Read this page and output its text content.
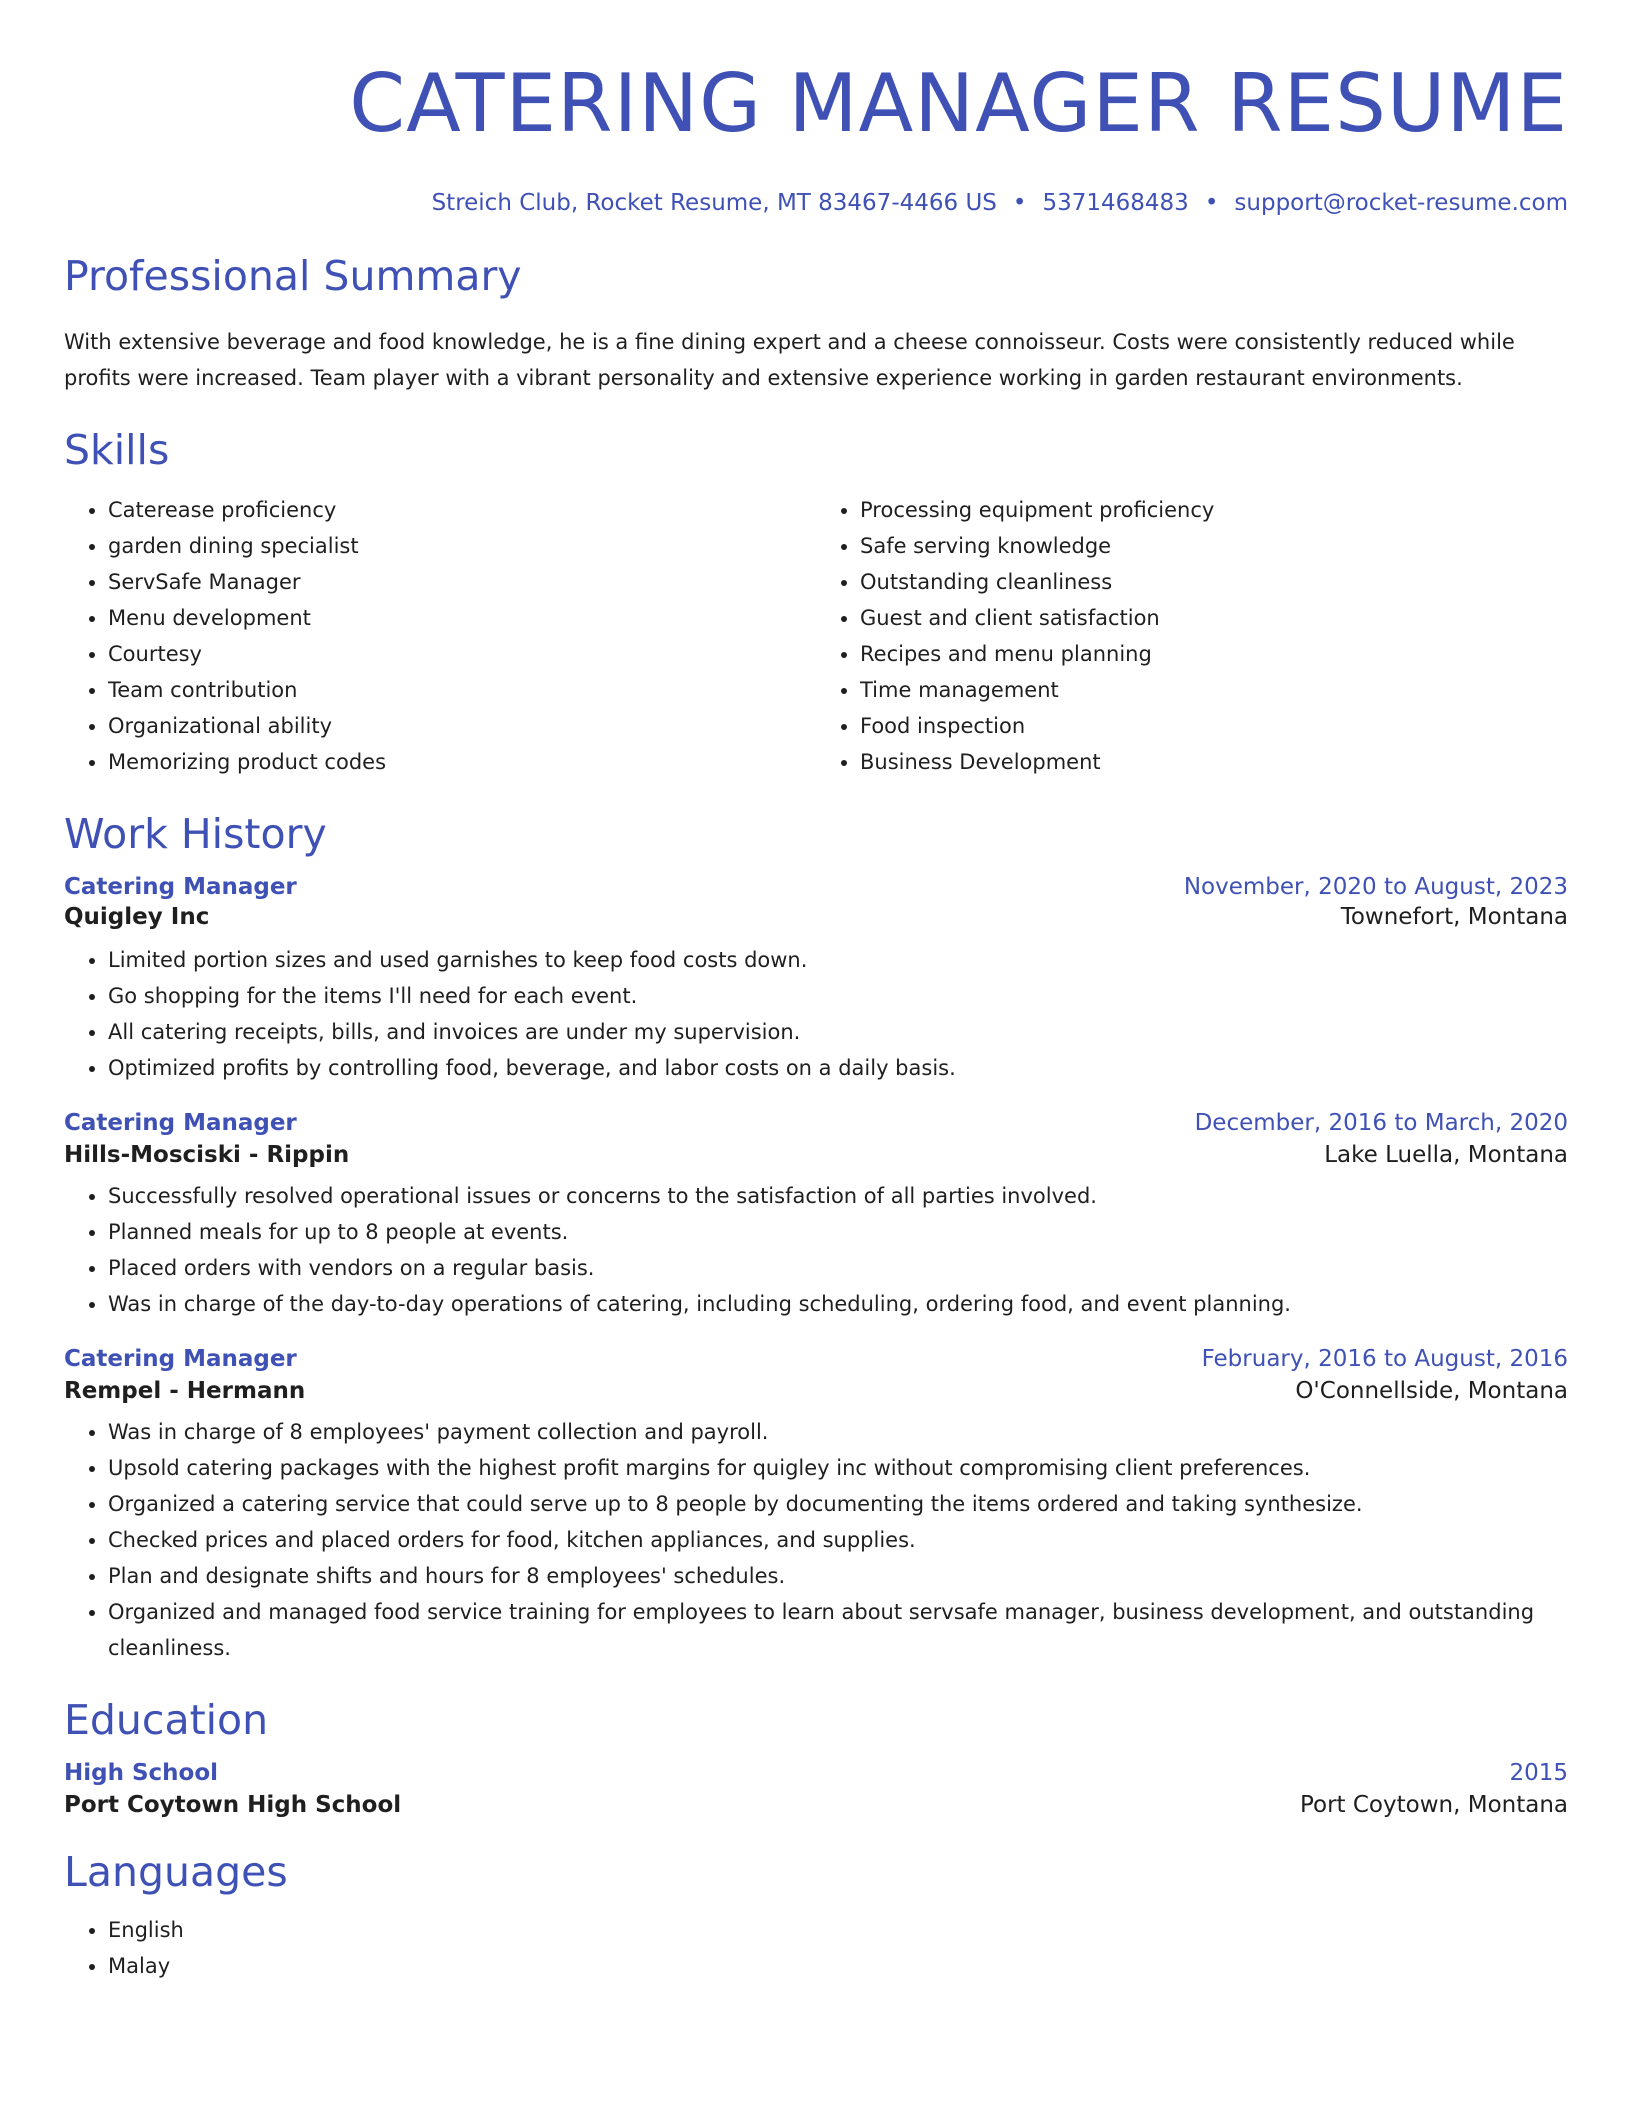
CATERING MANAGER RESUME
Streich Club, Rocket Resume, MT 83467-4466 US • 5371468483 • support@rocket-resume.com
Professional Summary
With extensive beverage and food knowledge, he is a fine dining expert and a cheese connoisseur. Costs were consistently reduced while profits were increased. Team player with a vibrant personality and extensive experience working in garden restaurant environments.
Skills
• Caterease proficiency
• garden dining specialist
• ServSafe Manager
• Menu development
• Courtesy
• Team contribution
• Organizational ability
• Memorizing product codes
• Processing equipment proficiency
• Safe serving knowledge
• Outstanding cleanliness
• Guest and client satisfaction
• Recipes and menu planning
• Time management
• Food inspection
• Business Development
Work History
Catering Manager	November, 2020 to August, 2023
Quigley Inc	Townefort, Montana
• Limited portion sizes and used garnishes to keep food costs down.
• Go shopping for the items I'll need for each event.
• All catering receipts, bills, and invoices are under my supervision.
• Optimized profits by controlling food, beverage, and labor costs on a daily basis.
Catering Manager	December, 2016 to March, 2020
Hills-Mosciski - Rippin	Lake Luella, Montana
• Successfully resolved operational issues or concerns to the satisfaction of all parties involved.
• Planned meals for up to 8 people at events.
• Placed orders with vendors on a regular basis.
• Was in charge of the day-to-day operations of catering, including scheduling, ordering food, and event planning.
Catering Manager	February, 2016 to August, 2016
Rempel - Hermann	O'Connellside, Montana
• Was in charge of 8 employees' payment collection and payroll.
• Upsold catering packages with the highest profit margins for quigley inc without compromising client preferences.
• Organized a catering service that could serve up to 8 people by documenting the items ordered and taking synthesize.
• Checked prices and placed orders for food, kitchen appliances, and supplies.
• Plan and designate shifts and hours for 8 employees' schedules.
• Organized and managed food service training for employees to learn about servsafe manager, business development, and outstanding cleanliness.
Education
High School	2015
Port Coytown High School	Port Coytown, Montana
Languages
• English
• Malay
